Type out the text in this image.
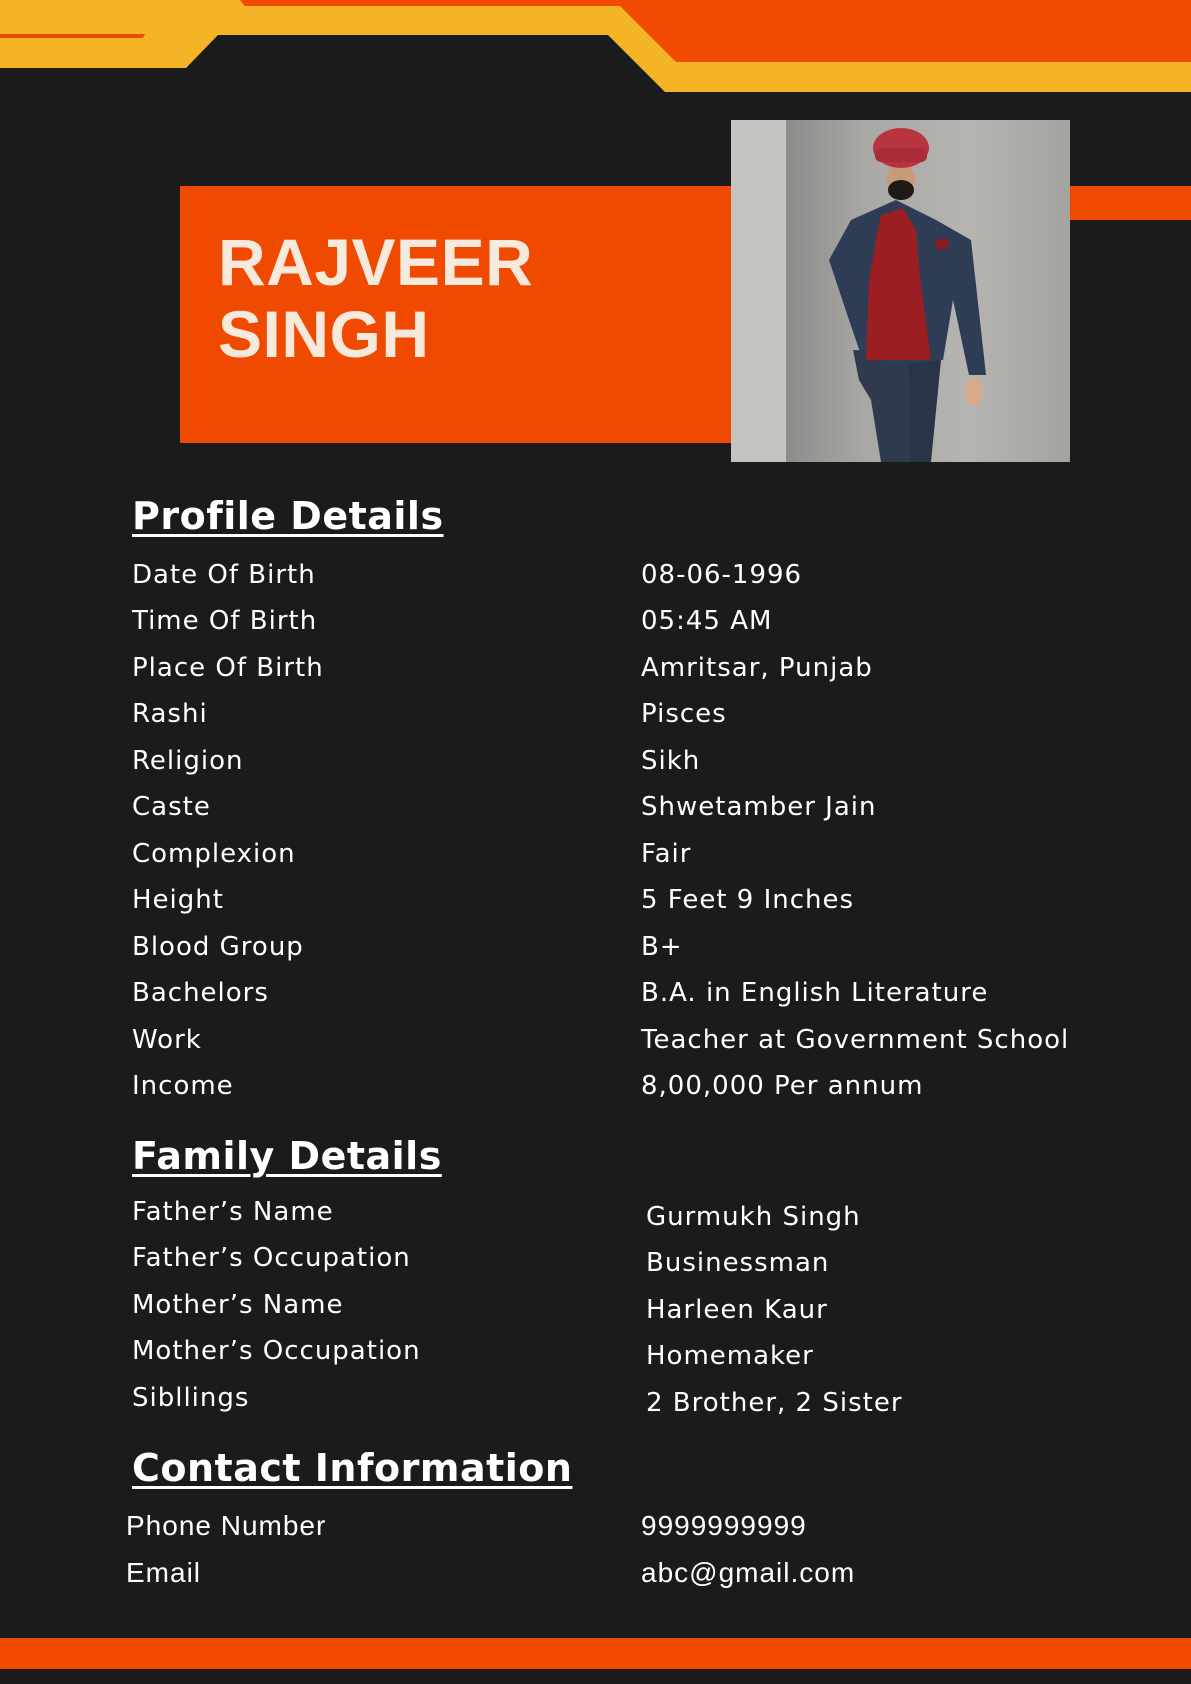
RAJVEER
SINGH
Profile Details
Date Of Birth	08-06-1996
Time Of Birth	05:45 AM
Place Of Birth	Amritsar, Punjab
Rashi	Pisces
Religion	Sikh
Caste	Shwetamber Jain
Complexion	Fair
Height	5 Feet 9 Inches
Blood Group	B+
Bachelors	B.A. in English Literature
Work	Teacher at Government School
Income	8,00,000 Per annum
Family Details
Father’s Name	Gurmukh Singh
Father’s Occupation	Businessman
Mother’s Name	Harleen Kaur
Mother’s Occupation	Homemaker
Sibllings	2 Brother, 2 Sister
Contact Information
Phone Number	9999999999
Email	abc@gmail.com
